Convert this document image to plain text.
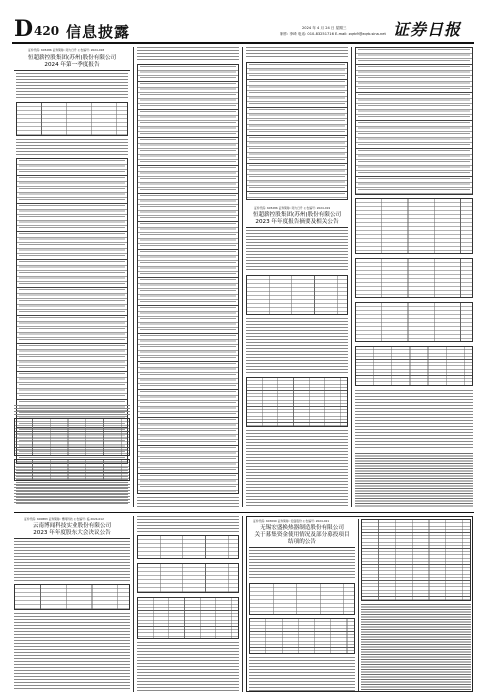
D 420 信息披露	2024 年 4 月 24 日 星期三
制作: 李琦 电话: 010-83251716 E-mail: zqrb9@zqrb.sina.net 证券日报
证券代码: 605286 证券简称: 同力日升 公告编号: 2024-018
恒超薪控股集团(苏州)股份有限公司
2024 年第一季度报告
证券代码: 605286 证券简称: 同力日升 公告编号: 2024-019
恒超薪控股集团(苏州)股份有限公司
2023 年年度报告摘要及相关公告
证券代码: 600883 证券简称: 博闻科技 公告编号: 临 2024-012
云南博闻科技实业股份有限公司
2023 年年度股东大会决议公告
证券代码: 603090 证券简称: 宏盛股份 公告编号: 2024-021
无锡宏盛换热器制造股份有限公司
关于募集资金使用情况及部分募投项目
结项的公告
